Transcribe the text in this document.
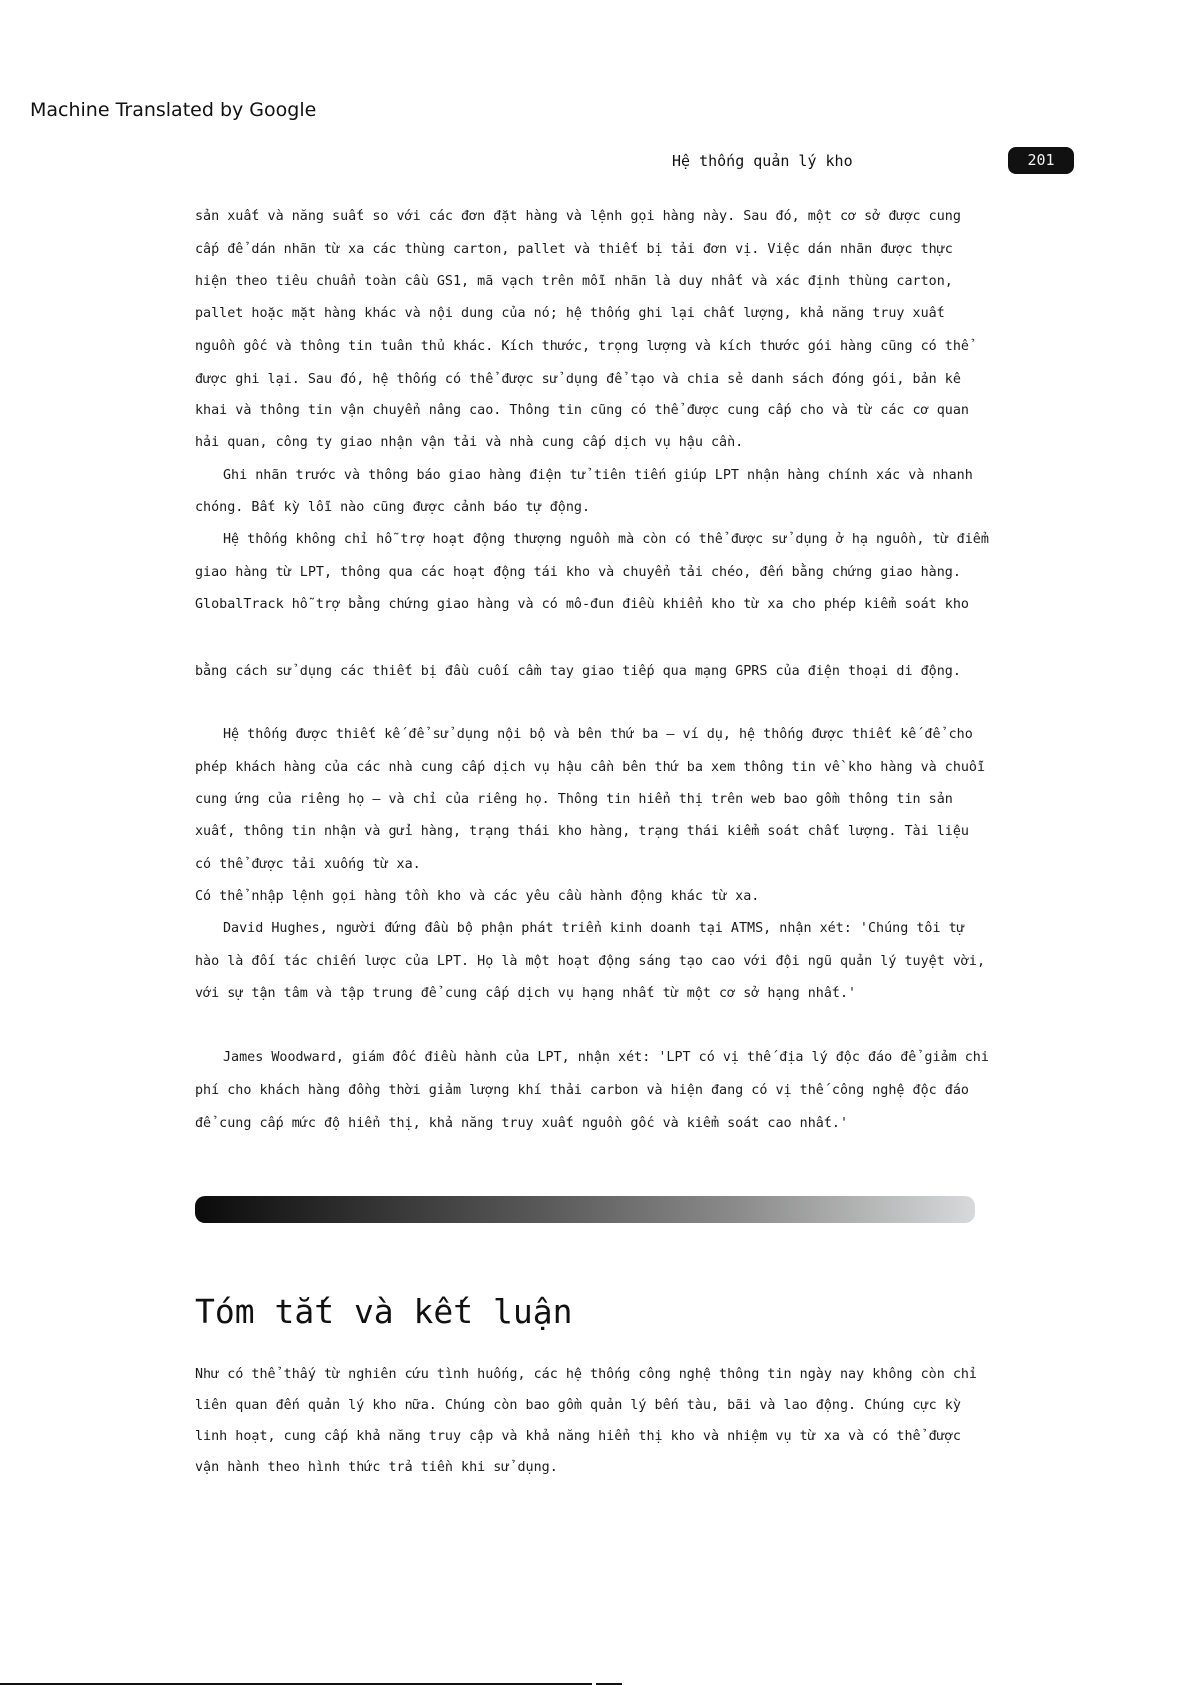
Machine Translated by Google
Hệ thống quản lý kho	201
sản xuất và năng suất so với các đơn đặt hàng và lệnh gọi hàng này. Sau đó, một cơ sở được cung
cấp để dán nhãn từ xa các thùng carton, pallet và thiết bị tải đơn vị. Việc dán nhãn được thực
hiện theo tiêu chuẩn toàn cầu GS1, mã vạch trên mỗi nhãn là duy nhất và xác định thùng carton,
pallet hoặc mặt hàng khác và nội dung của nó; hệ thống ghi lại chất lượng, khả năng truy xuất
nguồn gốc và thông tin tuân thủ khác. Kích thước, trọng lượng và kích thước gói hàng cũng có thể
được ghi lại. Sau đó, hệ thống có thể được sử dụng để tạo và chia sẻ danh sách đóng gói, bản kê
khai và thông tin vận chuyển nâng cao. Thông tin cũng có thể được cung cấp cho và từ các cơ quan
hải quan, công ty giao nhận vận tải và nhà cung cấp dịch vụ hậu cần.
Ghi nhãn trước và thông báo giao hàng điện tử tiên tiến giúp LPT nhận hàng chính xác và nhanh
chóng. Bất kỳ lỗi nào cũng được cảnh báo tự động.
Hệ thống không chỉ hỗ trợ hoạt động thượng nguồn mà còn có thể được sử dụng ở hạ nguồn, từ điểm
giao hàng từ LPT, thông qua các hoạt động tái kho và chuyển tải chéo, đến bằng chứng giao hàng.
GlobalTrack hỗ trợ bằng chứng giao hàng và có mô-đun điều khiển kho từ xa cho phép kiểm soát kho
bằng cách sử dụng các thiết bị đầu cuối cầm tay giao tiếp qua mạng GPRS của điện thoại di động.
Hệ thống được thiết kế để sử dụng nội bộ và bên thứ ba – ví dụ, hệ thống được thiết kế để cho
phép khách hàng của các nhà cung cấp dịch vụ hậu cần bên thứ ba xem thông tin về kho hàng và chuỗi
cung ứng của riêng họ – và chỉ của riêng họ. Thông tin hiển thị trên web bao gồm thông tin sản
xuất, thông tin nhận và gửi hàng, trạng thái kho hàng, trạng thái kiểm soát chất lượng. Tài liệu
có thể được tải xuống từ xa.
Có thể nhập lệnh gọi hàng tồn kho và các yêu cầu hành động khác từ xa.
David Hughes, người đứng đầu bộ phận phát triển kinh doanh tại ATMS, nhận xét: 'Chúng tôi tự
hào là đối tác chiến lược của LPT. Họ là một hoạt động sáng tạo cao với đội ngũ quản lý tuyệt vời,
với sự tận tâm và tập trung để cung cấp dịch vụ hạng nhất từ một cơ sở hạng nhất.'
James Woodward, giám đốc điều hành của LPT, nhận xét: 'LPT có vị thế địa lý độc đáo để giảm chi
phí cho khách hàng đồng thời giảm lượng khí thải carbon và hiện đang có vị thế công nghệ độc đáo
để cung cấp mức độ hiển thị, khả năng truy xuất nguồn gốc và kiểm soát cao nhất.'
Tóm tắt và kết luận
Như có thể thấy từ nghiên cứu tình huống, các hệ thống công nghệ thông tin ngày nay không còn chỉ
liên quan đến quản lý kho nữa. Chúng còn bao gồm quản lý bến tàu, bãi và lao động. Chúng cực kỳ
linh hoạt, cung cấp khả năng truy cập và khả năng hiển thị kho và nhiệm vụ từ xa và có thể được
vận hành theo hình thức trả tiền khi sử dụng.
